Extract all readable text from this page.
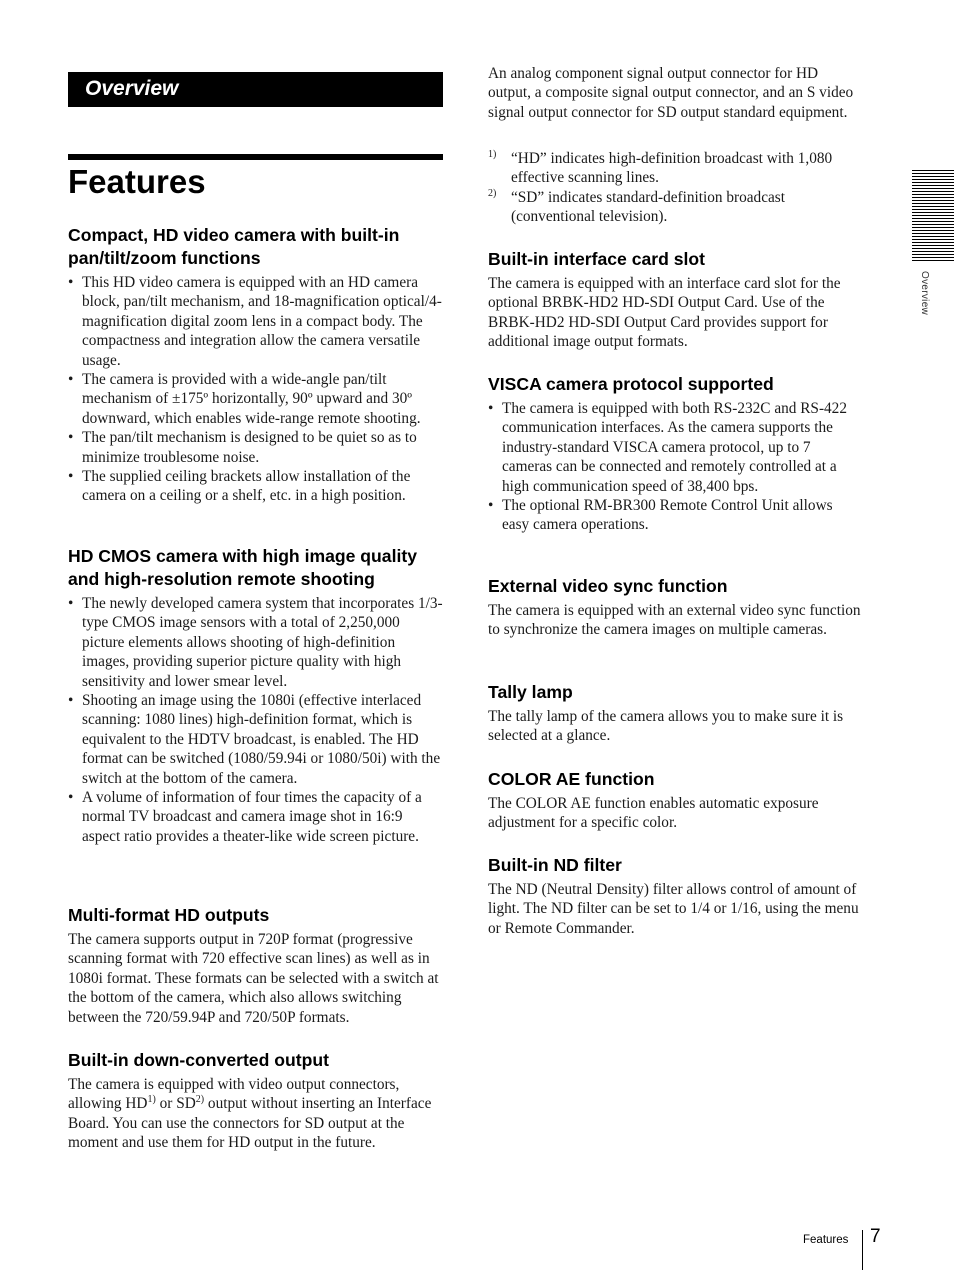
Overview
Features
Compact, HD video camera with built-in pan/tilt/zoom functions
• This HD video camera is equipped with an HD camera block, pan/tilt mechanism, and 18-magnification optical/4-magnification digital zoom lens in a compact body. The compactness and integration allow the camera versatile usage.
• The camera is provided with a wide-angle pan/tilt mechanism of ±175º horizontally, 90º upward and 30º downward, which enables wide-range remote shooting.
• The pan/tilt mechanism is designed to be quiet so as to minimize troublesome noise.
• The supplied ceiling brackets allow installation of the camera on a ceiling or a shelf, etc. in a high position.
HD CMOS camera with high image quality and high-resolution remote shooting
• The newly developed camera system that incorporates 1/3-type CMOS image sensors with a total of 2,250,000 picture elements allows shooting of high-definition images, providing superior picture quality with high sensitivity and lower smear level.
• Shooting an image using the 1080i (effective interlaced scanning: 1080 lines) high-definition format, which is equivalent to the HDTV broadcast, is enabled. The HD format can be switched (1080/59.94i or 1080/50i) with the switch at the bottom of the camera.
• A volume of information of four times the capacity of a normal TV broadcast and camera image shot in 16:9 aspect ratio provides a theater-like wide screen picture.
Multi-format HD outputs

The camera supports output in 720P format (progressive scanning format with 720 effective scan lines) as well as in 1080i format. These formats can be selected with a switch at the bottom of the camera, which also allows switching between the 720/59.94P and 720/50P formats.

Built-in down-converted output

The camera is equipped with video output connectors, allowing HD$^{1)}$ or SD$^{2)}$ output without inserting an Interface Board. You can use the connectors for SD output at the moment and use them for HD output in the future.

An analog component signal output connector for HD output, a composite signal output connector, and an S video signal output connector for SD output standard equipment.

1) “HD” indicates high-definition broadcast with 1,080 effective scanning lines.
2) “SD” indicates standard-definition broadcast (conventional television).
Built-in interface card slot

The camera is equipped with an interface card slot for the optional BRBK-HD2 HD-SDI Output Card. Use of the BRBK-HD2 HD-SDI Output Card provides support for additional image output formats.

VISCA camera protocol supported
• The camera is equipped with both RS-232C and RS-422 communication interfaces. As the camera supports the industry-standard VISCA camera protocol, up to 7 cameras can be connected and remotely controlled at a high communication speed of 38,400 bps.
• The optional RM-BR300 Remote Control Unit allows easy camera operations.
External video sync function

The camera is equipped with an external video sync function to synchronize the camera images on multiple cameras.

Tally lamp

The tally lamp of the camera allows you to make sure it is selected at a glance.

COLOR AE function

The COLOR AE function enables automatic exposure adjustment for a specific color.

Built-in ND filter

The ND (Neutral Density) filter allows control of amount of light. The ND filter can be set to 1/4 or 1/16, using the menu or Remote Commander.

Overview
Features 7
